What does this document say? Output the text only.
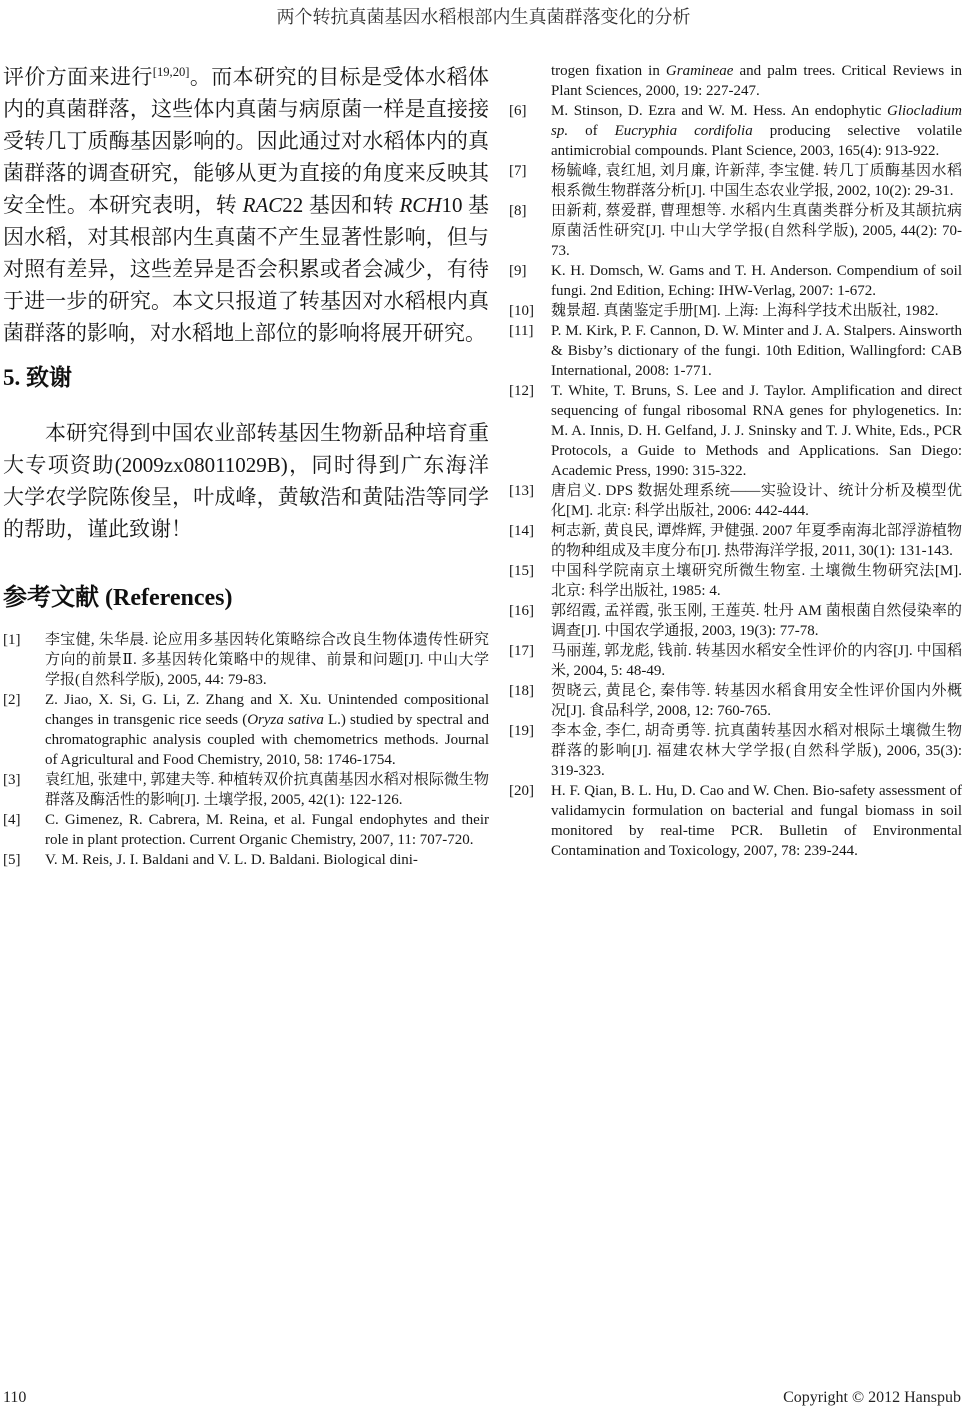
两个转抗真菌基因水稻根部内生真菌群落变化的分析

评价方面来进行[19,20]。而本研究的目标是受体水稻体内的真菌群落，这些体内真菌与病原菌一样是直接接受转几丁质酶基因影响的。因此通过对水稻体内的真菌群落的调查研究，能够从更为直接的角度来反映其安全性。本研究表明，转 RAC22 基因和转 RCH10 基因水稻，对其根部内生真菌不产生显著性影响，但与对照有差异，这些差异是否会积累或者会减少，有待于进一步的研究。本文只报道了转基因对水稻根内真菌群落的影响，对水稻地上部位的影响将展开研究。

5. 致谢

本研究得到中国农业部转基因生物新品种培育重大专项资助(2009zx08011029B)，同时得到广东海洋大学农学院陈俊呈，叶成峰，黄敏浩和黄陆浩等同学的帮助，谨此致谢！

参考文献 (References)
[1]	李宝健, 朱华晨. 论应用多基因转化策略综合改良生物体遗传性研究方向的前景Ⅱ. 多基因转化策略中的规律、前景和问题[J]. 中山大学学报(自然科学版), 2005, 44: 79-83.
[2]	Z. Jiao, X. Si, G. Li, Z. Zhang and X. Xu. Unintended compositional changes in transgenic rice seeds (Oryza sativa L.) studied by spectral and chromatographic analysis coupled with chemometrics methods. Journal of Agricultural and Food Chemistry, 2010, 58: 1746-1754.
[3]	袁红旭, 张建中, 郭建夫等. 种植转双价抗真菌基因水稻对根际微生物群落及酶活性的影响[J]. 土壤学报, 2005, 42(1): 122-126.
[4]	C. Gimenez, R. Cabrera, M. Reina, et al. Fungal endophytes and their role in plant protection. Current Organic Chemistry, 2007, 11: 707-720.
[5]	V. M. Reis, J. I. Baldani and V. L. D. Baldani. Biological dini-
trogen fixation in Gramineae and palm trees. Critical Reviews in Plant Sciences, 2000, 19: 227-247.
[6]	M. Stinson, D. Ezra and W. M. Hess. An endophytic Gliocladium sp. of Eucryphia cordifolia producing selective volatile antimicrobial compounds. Plant Science, 2003, 165(4): 913-922.
[7]	杨毓峰, 袁红旭, 刘月廉, 许新萍, 李宝健. 转几丁质酶基因水稻根系微生物群落分析[J]. 中国生态农业学报, 2002, 10(2): 29-31.
[8]	田新莉, 蔡爱群, 曹理想等. 水稻内生真菌类群分析及其颉抗病原菌活性研究[J]. 中山大学学报(自然科学版), 2005, 44(2): 70-73.
[9]	K. H. Domsch, W. Gams and T. H. Anderson. Compendium of soil fungi. 2nd Edition, Eching: IHW-Verlag, 2007: 1-672.
[10]	魏景超. 真菌鉴定手册[M]. 上海: 上海科学技术出版社, 1982.
[11]	P. M. Kirk, P. F. Cannon, D. W. Minter and J. A. Stalpers. Ainsworth & Bisby’s dictionary of the fungi. 10th Edition, Wallingford: CAB International, 2008: 1-771.
[12]	T. White, T. Bruns, S. Lee and J. Taylor. Amplification and direct sequencing of fungal ribosomal RNA genes for phylogenetics. In: M. A. Innis, D. H. Gelfand, J. J. Sninsky and T. J. White, Eds., PCR Protocols, a Guide to Methods and Applications. San Diego: Academic Press, 1990: 315-322.
[13]	唐启义. DPS 数据处理系统——实验设计、统计分析及模型优化[M]. 北京: 科学出版社, 2006: 442-444.
[14]	柯志新, 黄良民, 谭烨辉, 尹健强. 2007 年夏季南海北部浮游植物的物种组成及丰度分布[J]. 热带海洋学报, 2011, 30(1): 131-143.
[15]	中国科学院南京土壤研究所微生物室. 土壤微生物研究法[M]. 北京: 科学出版社, 1985: 4.
[16]	郭绍霞, 孟祥霞, 张玉刚, 王莲英. 牡丹 AM 菌根菌自然侵染率的调查[J]. 中国农学通报, 2003, 19(3): 77-78.
[17]	马丽莲, 郭龙彪, 钱前. 转基因水稻安全性评价的内容[J]. 中国稻米, 2004, 5: 48-49.
[18]	贺晓云, 黄昆仑, 秦伟等. 转基因水稻食用安全性评价国内外概况[J]. 食品科学, 2008, 12: 760-765.
[19]	李本金, 李仁, 胡奇勇等. 抗真菌转基因水稻对根际土壤微生物群落的影响[J]. 福建农林大学学报(自然科学版), 2006, 35(3): 319-323.
[20]	H. F. Qian, B. L. Hu, D. Cao and W. Chen. Bio-safety assessment of validamycin formulation on bacterial and fungal biomass in soil monitored by real-time PCR. Bulletin of Environmental Contamination and Toxicology, 2007, 78: 239-244.
110	Copyright © 2012 Hanspub
